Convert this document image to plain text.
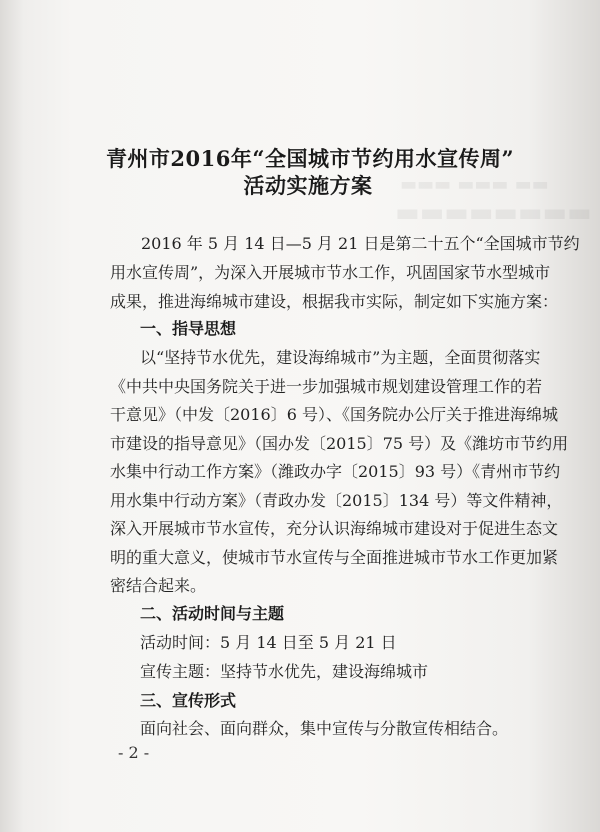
▬▬▬ ▬▬▬ ▬▬
▬▬▬▬▬▬▬▬
青州市2016年“全国城市节约用水宣传周”
活动实施方案
2016 年 5 月 14 日—5 月 21 日是第二十五个“全国城市节约
用水宣传周”，为深入开展城市节水工作，巩固国家节水型城市
成果，推进海绵城市建设，根据我市实际，制定如下实施方案：
一、指导思想
以“坚持节水优先，建设海绵城市”为主题，全面贯彻落实
《中共中央国务院关于进一步加强城市规划建设管理工作的若
干意见》（中发〔2016〕6 号）、《国务院办公厅关于推进海绵城
市建设的指导意见》（国办发〔2015〕75 号）及《潍坊市节约用
水集中行动工作方案》（潍政办字〔2015〕93 号）《青州市节约
用水集中行动方案》（青政办发〔2015〕134 号）等文件精神，
深入开展城市节水宣传，充分认识海绵城市建设对于促进生态文
明的重大意义，使城市节水宣传与全面推进城市节水工作更加紧
密结合起来。
二、活动时间与主题
活动时间：5 月 14 日至 5 月 21 日
宣传主题：坚持节水优先，建设海绵城市
三、宣传形式
面向社会、面向群众，集中宣传与分散宣传相结合。
- 2 -
